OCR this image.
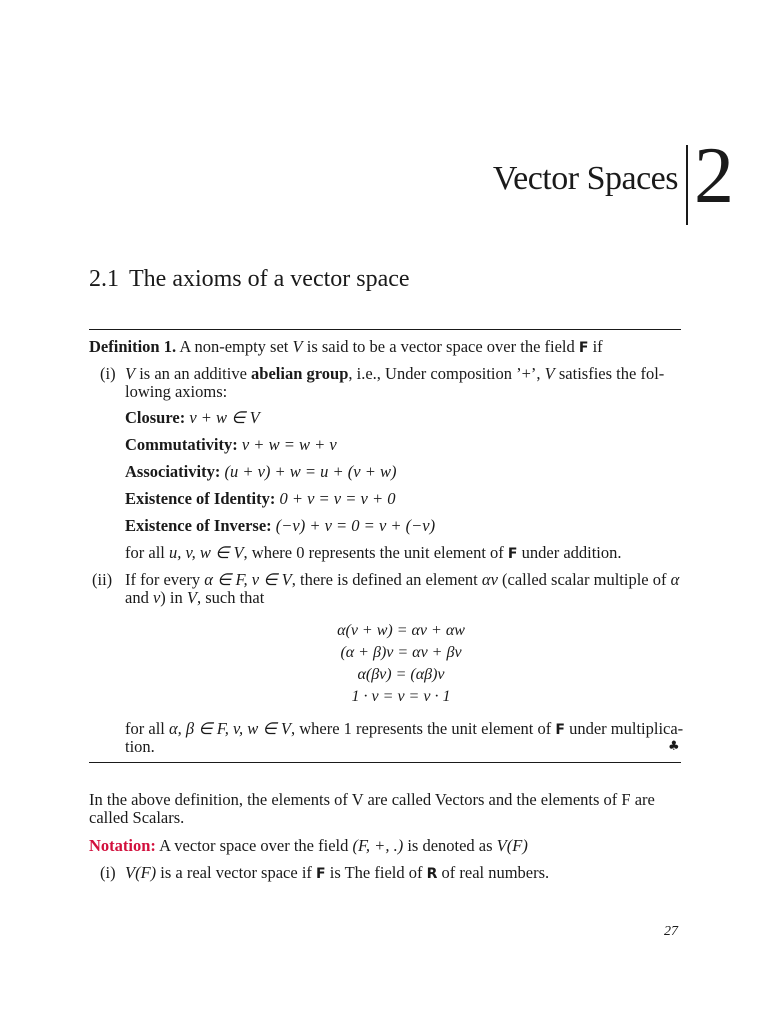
Vector Spaces 2
2.1 The axioms of a vector space
Definition 1. A non-empty set V is said to be a vector space over the field F if
(i) V is an an additive abelian group, i.e., Under composition ’+’, V satisfies the fol-
lowing axioms:
Closure: v + w ∈ V
Commutativity: v + w = w + v
Associativity: (u + v) + w = u + (v + w)
Existence of Identity: 0 + v = v = v + 0
Existence of Inverse: (−v) + v = 0 = v + (−v)
for all u, v, w ∈ V, where 0 represents the unit element of F under addition.
(ii) If for every α ∈ F, v ∈ V, there is defined an element αv (called scalar multiple of α
and v) in V, such that
α(v + w) = αv + αw
(α + β)v = αv + βv
α(βv) = (αβ)v
1 · v = v = v · 1
for all α, β ∈ F, v, w ∈ V, where 1 represents the unit element of F under multiplica-
tion.	♣
In the above definition, the elements of V are called Vectors and the elements of F are
called Scalars.
Notation: A vector space over the field (F, +, .) is denoted as V(F)
(i) V(F) is a real vector space if F is The field of R of real numbers.
27
